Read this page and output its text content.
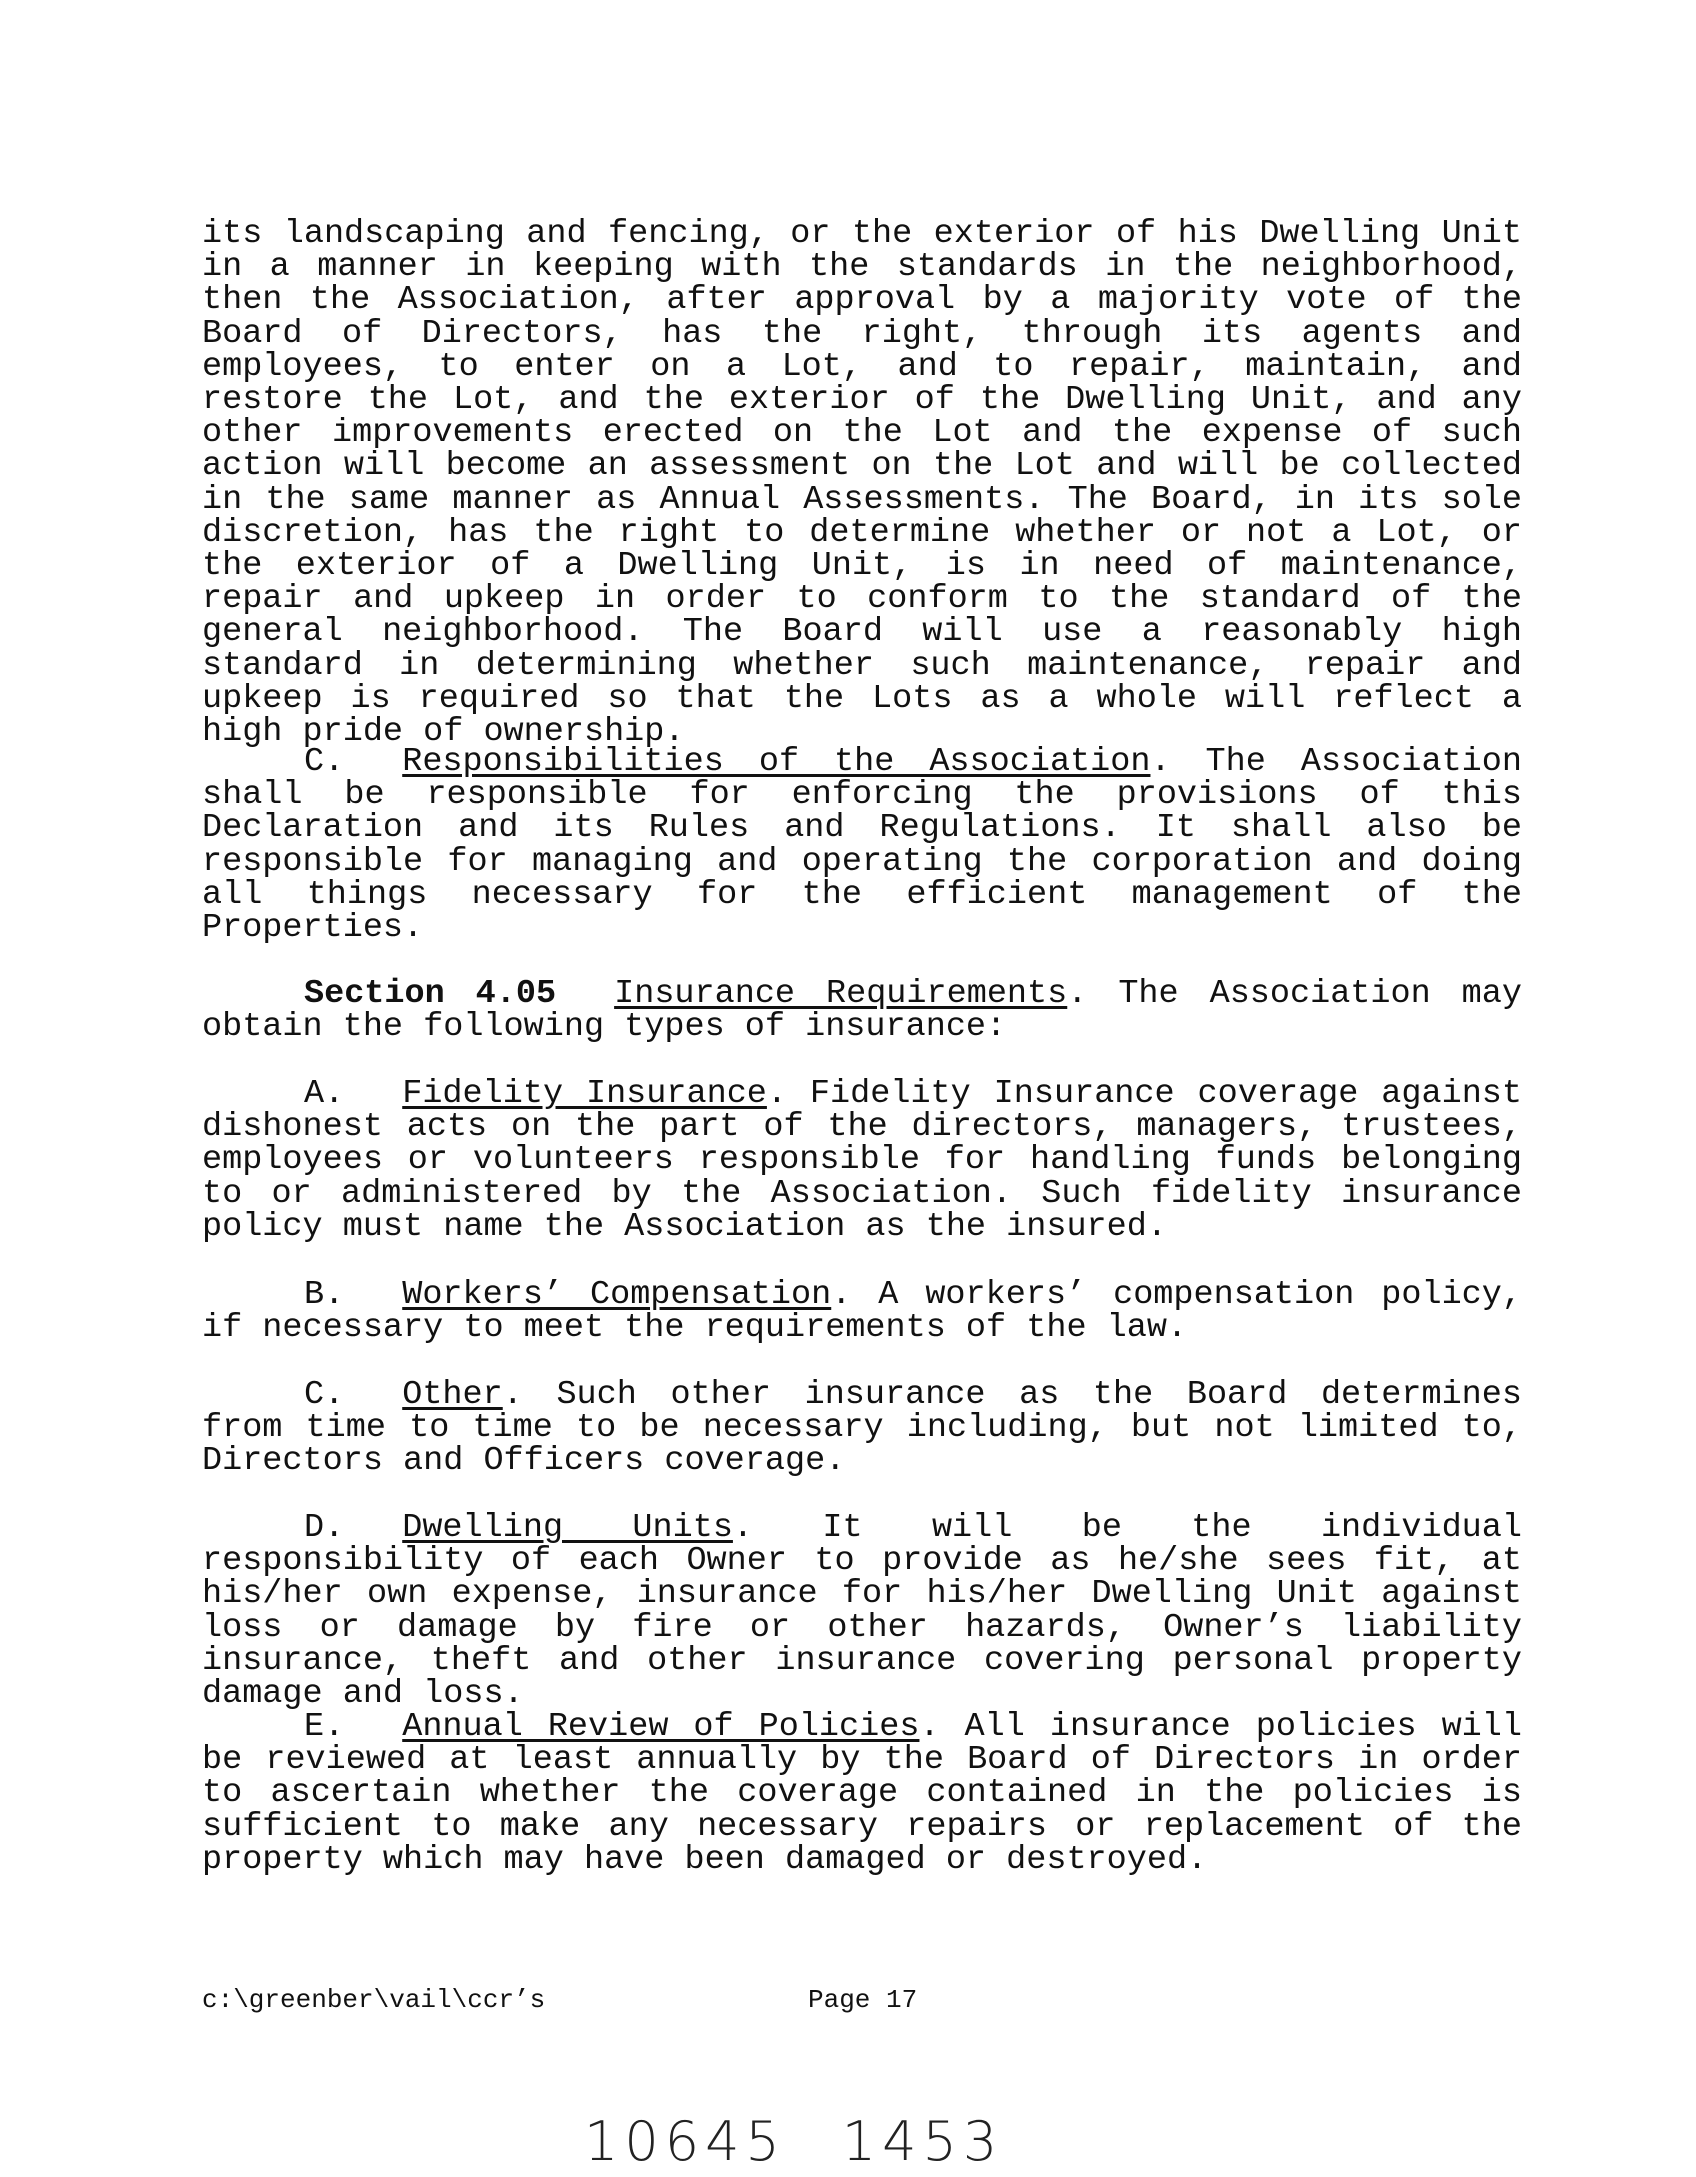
its landscaping and fencing, or the exterior of his Dwelling Unit in a manner in keeping with the standards in the neighborhood, then the Association, after approval by a majority vote of the Board of Directors, has the right, through its agents and employees, to enter on a Lot, and to repair, maintain, and restore the Lot, and the exterior of the Dwelling Unit, and any other improvements erected on the Lot and the expense of such action will become an assessment on the Lot and will be collected in the same manner as Annual Assessments. The Board, in its sole discretion, has the right to determine whether or not a Lot, or the exterior of a Dwelling Unit, is in need of maintenance, repair and upkeep in order to conform to the standard of the general neighborhood. The Board will use a reasonably high standard in determining whether such maintenance, repair and upkeep is required so that the Lots as a whole will reflect a high pride of ownership.

C. Responsibilities of the Association. The Association shall be responsible for enforcing the provisions of this Declaration and its Rules and Regulations. It shall also be responsible for managing and operating the corporation and doing all things necessary for the efficient management of the Properties.

Section 4.05 Insurance Requirements. The Association may obtain the following types of insurance:

A. Fidelity Insurance. Fidelity Insurance coverage against dishonest acts on the part of the directors, managers, trustees, employees or volunteers responsible for handling funds belonging to or administered by the Association. Such fidelity insurance policy must name the Association as the insured.

B. Workers’ Compensation. A workers’ compensation policy, if necessary to meet the requirements of the law.

C. Other. Such other insurance as the Board determines from time to time to be necessary including, but not limited to, Directors and Officers coverage.

D. Dwelling Units. It will be the individual responsibility of each Owner to provide as he/she sees fit, at his/her own expense, insurance for his/her Dwelling Unit against loss or damage by fire or other hazards, Owner’s liability insurance, theft and other insurance covering personal property damage and loss.

E. Annual Review of Policies. All insurance policies will be reviewed at least annually by the Board of Directors in order to ascertain whether the coverage contained in the policies is sufficient to make any necessary repairs or replacement of the property which may have been damaged or destroyed.

c:\greenber\vail\ccr’s	Page 17
10645 1453
